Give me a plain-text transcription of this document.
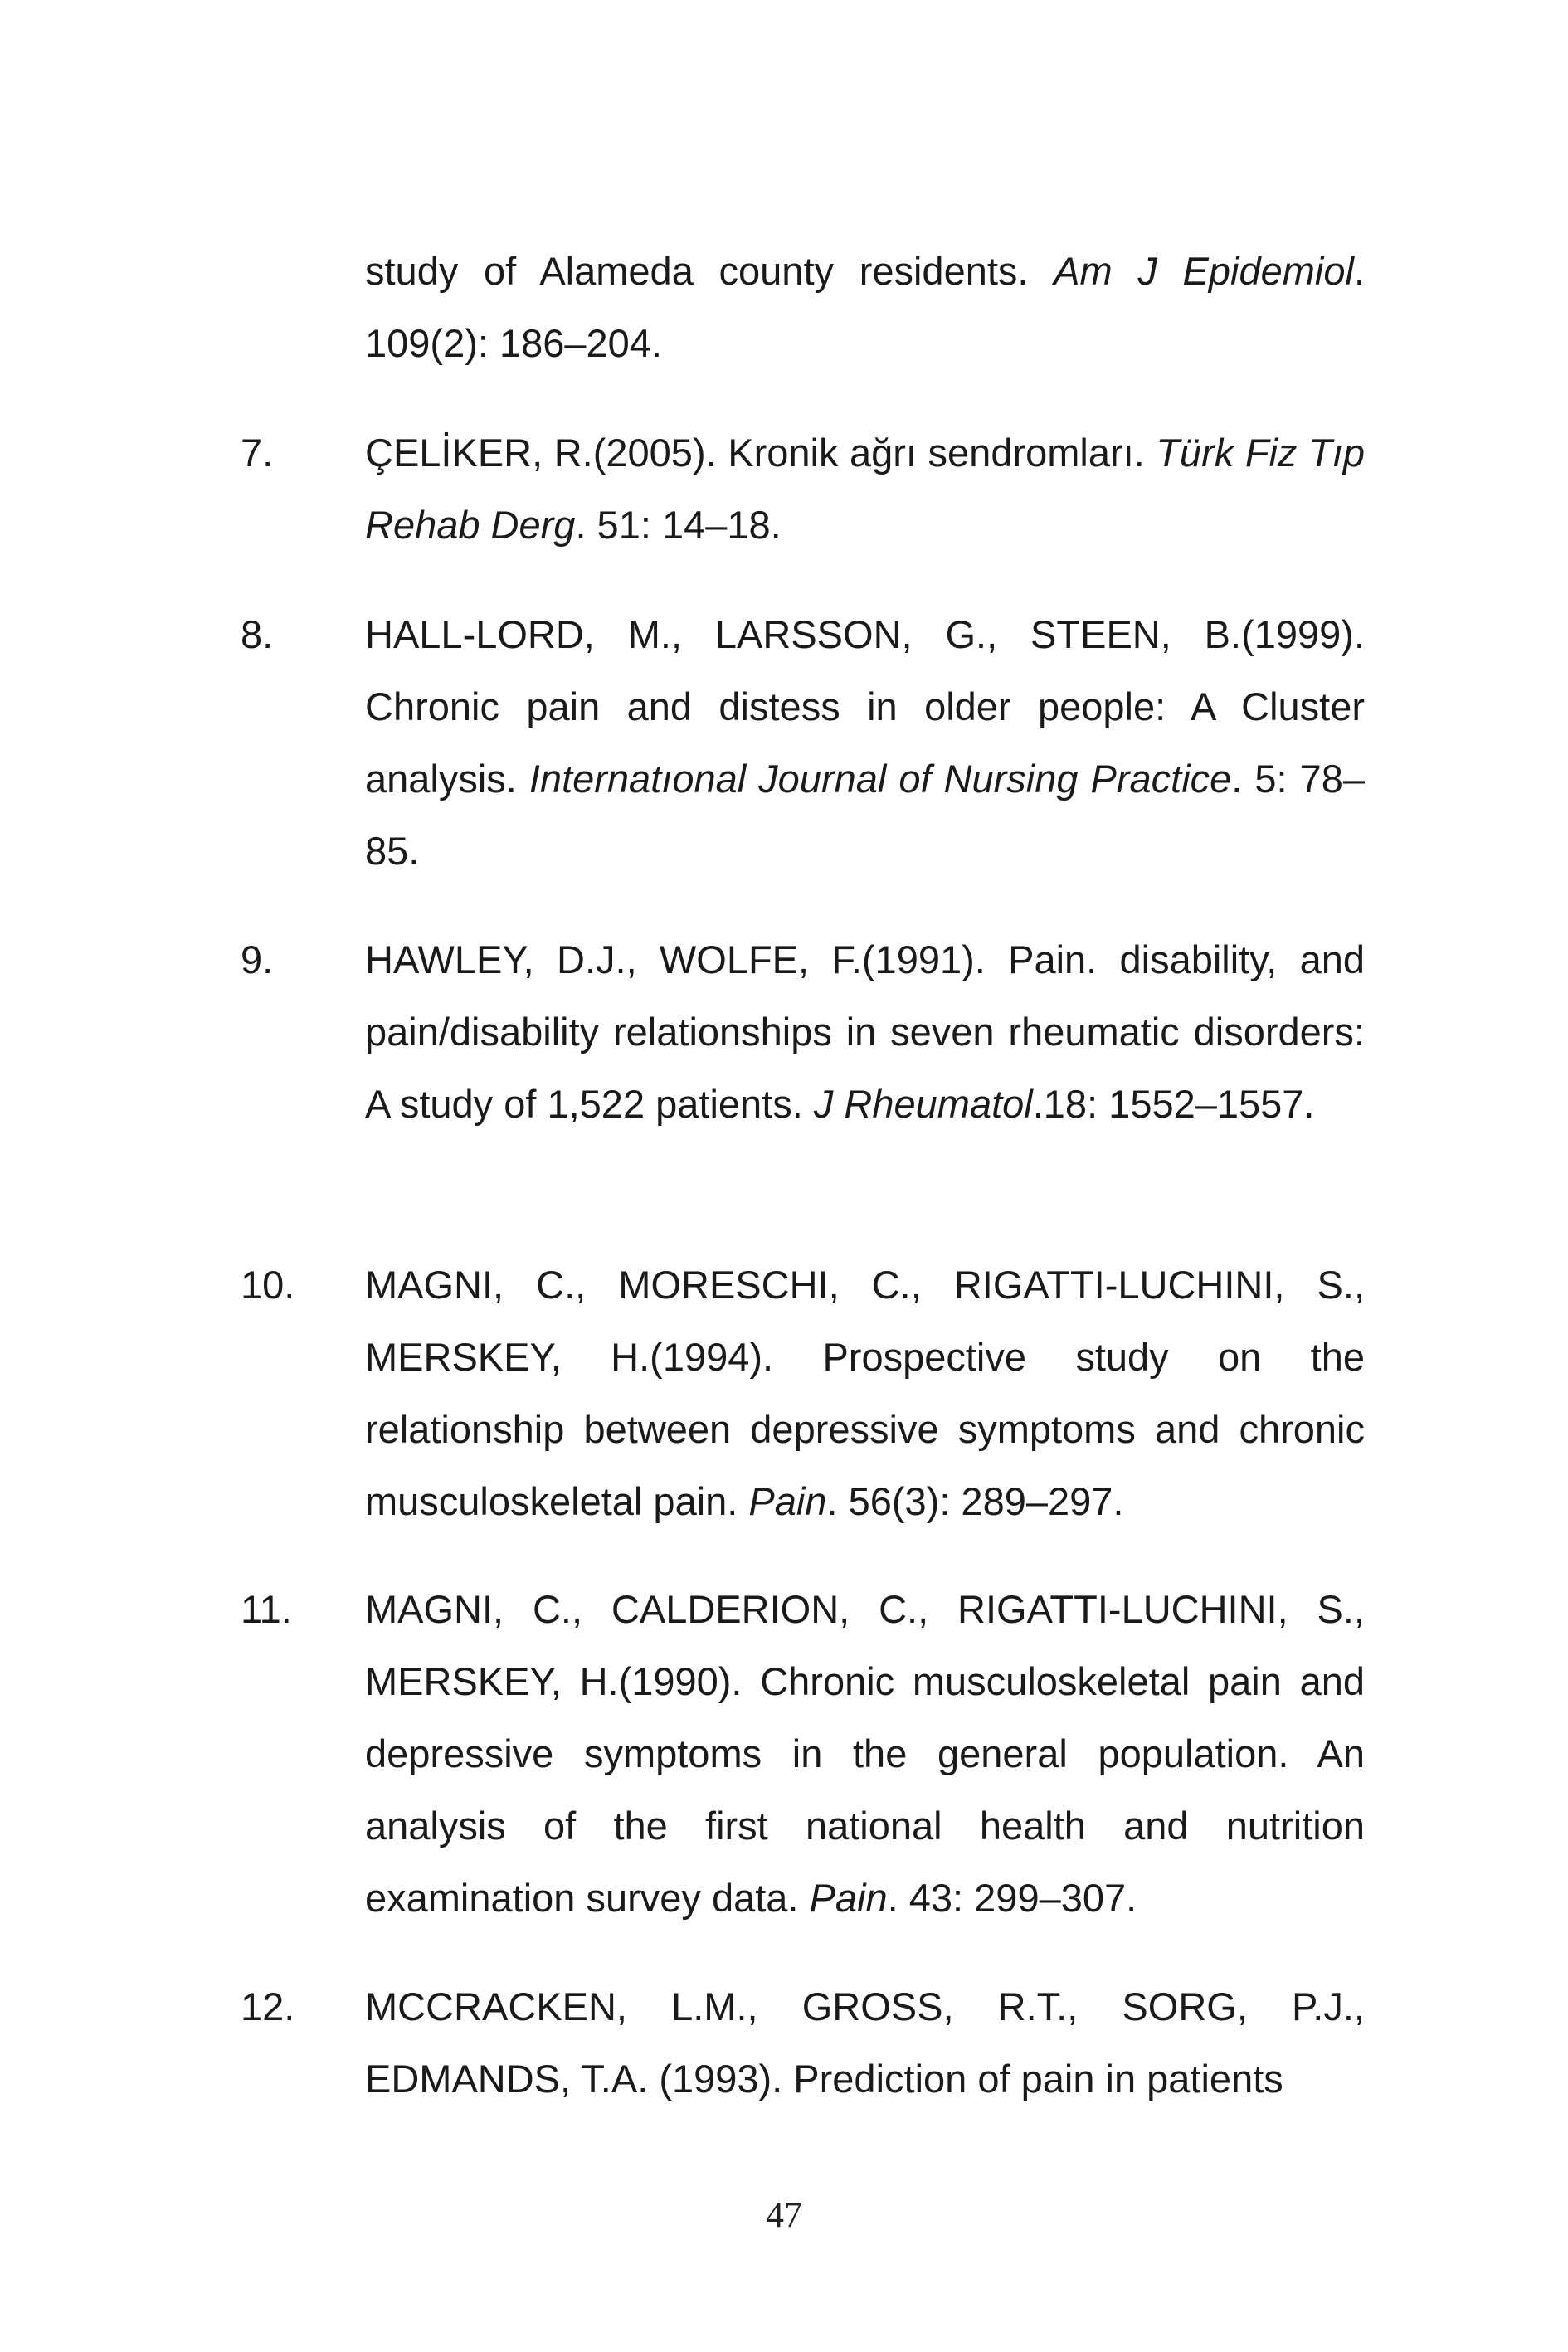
study of Alameda county residents. Am J Epidemiol. 109(2): 186–204.
7.	ÇELİKER, R.(2005). Kronik ağrı sendromları. Türk Fiz Tıp Rehab Derg. 51: 14–18.
8.	HALL-LORD, M., LARSSON, G., STEEN, B.(1999). Chronic pain and distess in older people: A Cluster analysis. Internatıonal Journal of Nursing Practice. 5: 78–85.
9.	HAWLEY, D.J., WOLFE, F.(1991). Pain. disability, and pain/disability relationships in seven rheumatic disorders: A study of 1,522 patients. J Rheumatol.18: 1552–1557.
10.	MAGNI, C., MORESCHI, C., RIGATTI-LUCHINI, S., MERSKEY, H.(1994). Prospective study on the relationship between depressive symptoms and chronic musculoskeletal pain. Pain. 56(3): 289–297.
11.	MAGNI, C., CALDERION, C., RIGATTI-LUCHINI, S., MERSKEY, H.(1990). Chronic musculoskeletal pain and depressive symptoms in the general population. An analysis of the first national health and nutrition examination survey data. Pain. 43: 299–307.
12.	MCCRACKEN, L.M., GROSS, R.T., SORG, P.J., EDMANDS, T.A. (1993). Prediction of pain in patients
47
